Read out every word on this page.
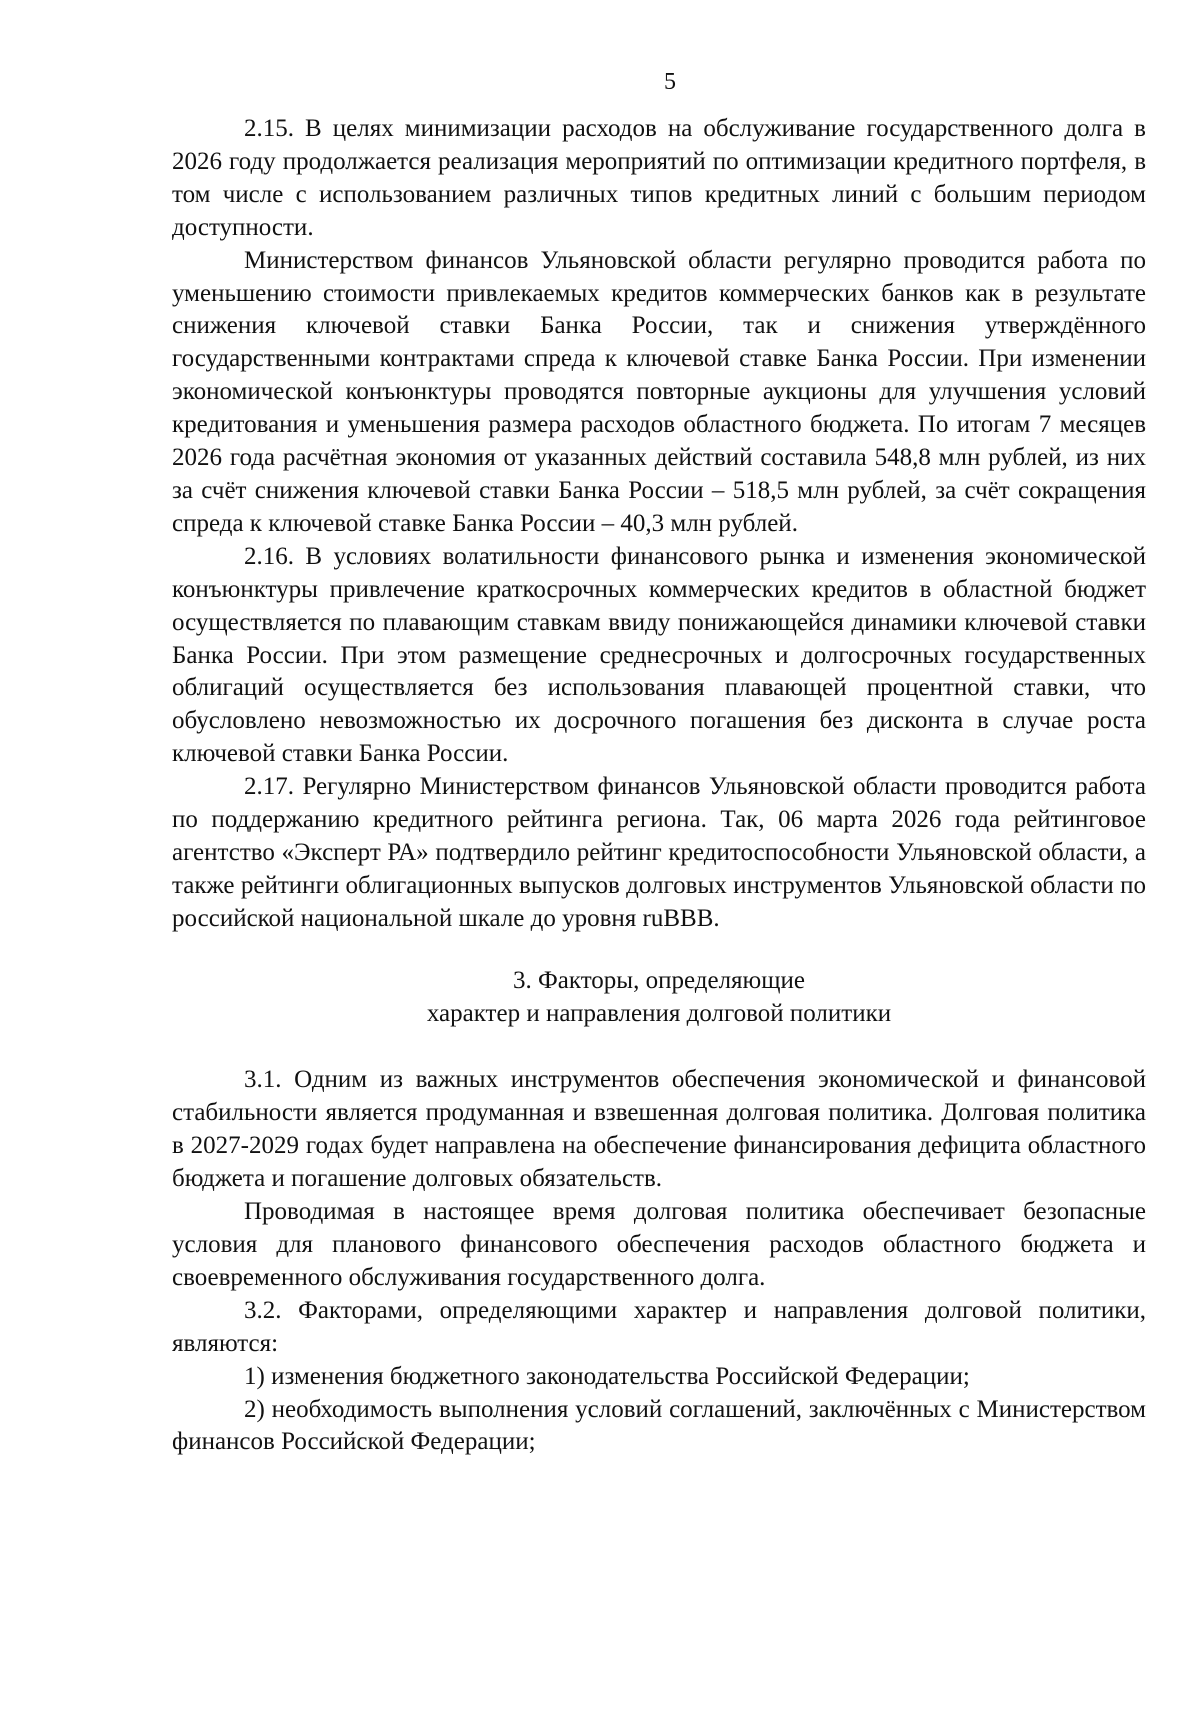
5

2.15. В целях минимизации расходов на обслуживание государственного долга в 2026 году продолжается реализация мероприятий по оптимизации кредитного портфеля, в том числе с использованием различных типов кредитных линий с большим периодом доступности.

Министерством финансов Ульяновской области регулярно проводится работа по уменьшению стоимости привлекаемых кредитов коммерческих банков как в результате снижения ключевой ставки Банка России, так и снижения утверждённого государственными контрактами спреда к ключевой ставке Банка России. При изменении экономической конъюнктуры проводятся повторные аукционы для улучшения условий кредитования и уменьшения размера расходов областного бюджета. По итогам 7 месяцев 2026 года расчётная экономия от указанных действий составила 548,8 млн рублей, из них за счёт снижения ключевой ставки Банка России – 518,5 млн рублей, за счёт сокращения спреда к ключевой ставке Банка России – 40,3 млн рублей.

2.16. В условиях волатильности финансового рынка и изменения экономической конъюнктуры привлечение краткосрочных коммерческих кредитов в областной бюджет осуществляется по плавающим ставкам ввиду понижающейся динамики ключевой ставки Банка России. При этом размещение среднесрочных и долгосрочных государственных облигаций осуществляется без использования плавающей процентной ставки, что обусловлено невозможностью их досрочного погашения без дисконта в случае роста ключевой ставки Банка России.

2.17. Регулярно Министерством финансов Ульяновской области проводится работа по поддержанию кредитного рейтинга региона. Так, 06 марта 2026 года рейтинговое агентство «Эксперт РА» подтвердило рейтинг кредитоспособности Ульяновской области, а также рейтинги облигационных выпусков долговых инструментов Ульяновской области по российской национальной шкале до уровня ruBBB.

3. Факторы, определяющие
характер и направления долговой политики

3.1. Одним из важных инструментов обеспечения экономической и финансовой стабильности является продуманная и взвешенная долговая политика. Долговая политика в 2027-2029 годах будет направлена на обеспечение финансирования дефицита областного бюджета и погашение долговых обязательств.

Проводимая в настоящее время долговая политика обеспечивает безопасные условия для планового финансового обеспечения расходов областного бюджета и своевременного обслуживания государственного долга.

3.2. Факторами, определяющими характер и направления долговой политики, являются:

1) изменения бюджетного законодательства Российской Федерации;

2) необходимость выполнения условий соглашений, заключённых с Министерством финансов Российской Федерации;
